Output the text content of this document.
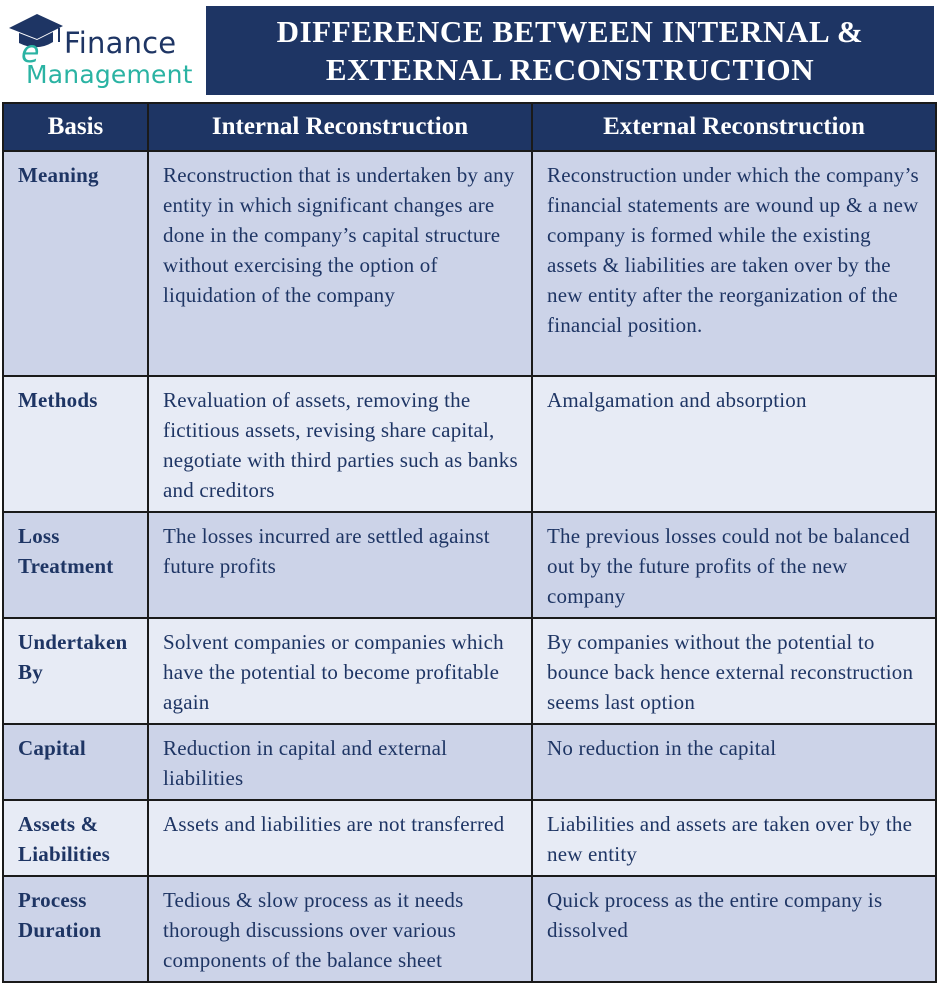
e Finance
Management
DIFFERENCE BETWEEN INTERNAL &
EXTERNAL RECONSTRUCTION
Basis	Internal Reconstruction	External Reconstruction
Meaning	Reconstruction that is undertaken by any entity in which significant changes are done in the company’s capital structure without exercising the option of liquidation of the company	Reconstruction under which the company’s financial statements are wound up & a new company is formed while the existing assets & liabilities are taken over by the new entity after the reorganization of the financial position.
Methods	Revaluation of assets, removing the fictitious assets, revising share capital, negotiate with third parties such as banks and creditors	Amalgamation and absorption
Loss Treatment	The losses incurred are settled against future profits	The previous losses could not be balanced out by the future profits of the new company
Undertaken By	Solvent companies or companies which have the potential to become profitable again	By companies without the potential to bounce back hence external reconstruction seems last option
Capital	Reduction in capital and external liabilities	No reduction in the capital
Assets & Liabilities	Assets and liabilities are not transferred	Liabilities and assets are taken over by the new entity
Process Duration	Tedious & slow process as it needs thorough discussions over various components of the balance sheet	Quick process as the entire company is dissolved
